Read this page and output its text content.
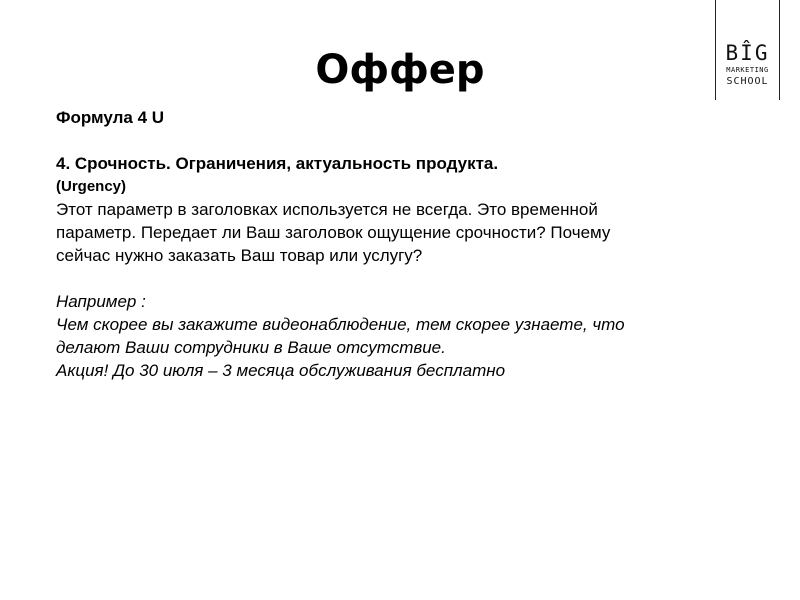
Оффер	BÎG
MARKETING
SCHOOL

Формула 4 U

4. Срочность. Ограничения, актуальность продукта.

(Urgency)

Этот параметр в заголовках используется не всегда. Это временной

параметр. Передает ли Ваш заголовок ощущение срочности? Почему

сейчас нужно заказать Ваш товар или услугу?

Например :

Чем скорее вы закажите видеонаблюдение, тем скорее узнаете, что

делают Ваши сотрудники в Ваше отсутствие.

Акция! До 30 июля – 3 месяца обслуживания бесплатно
